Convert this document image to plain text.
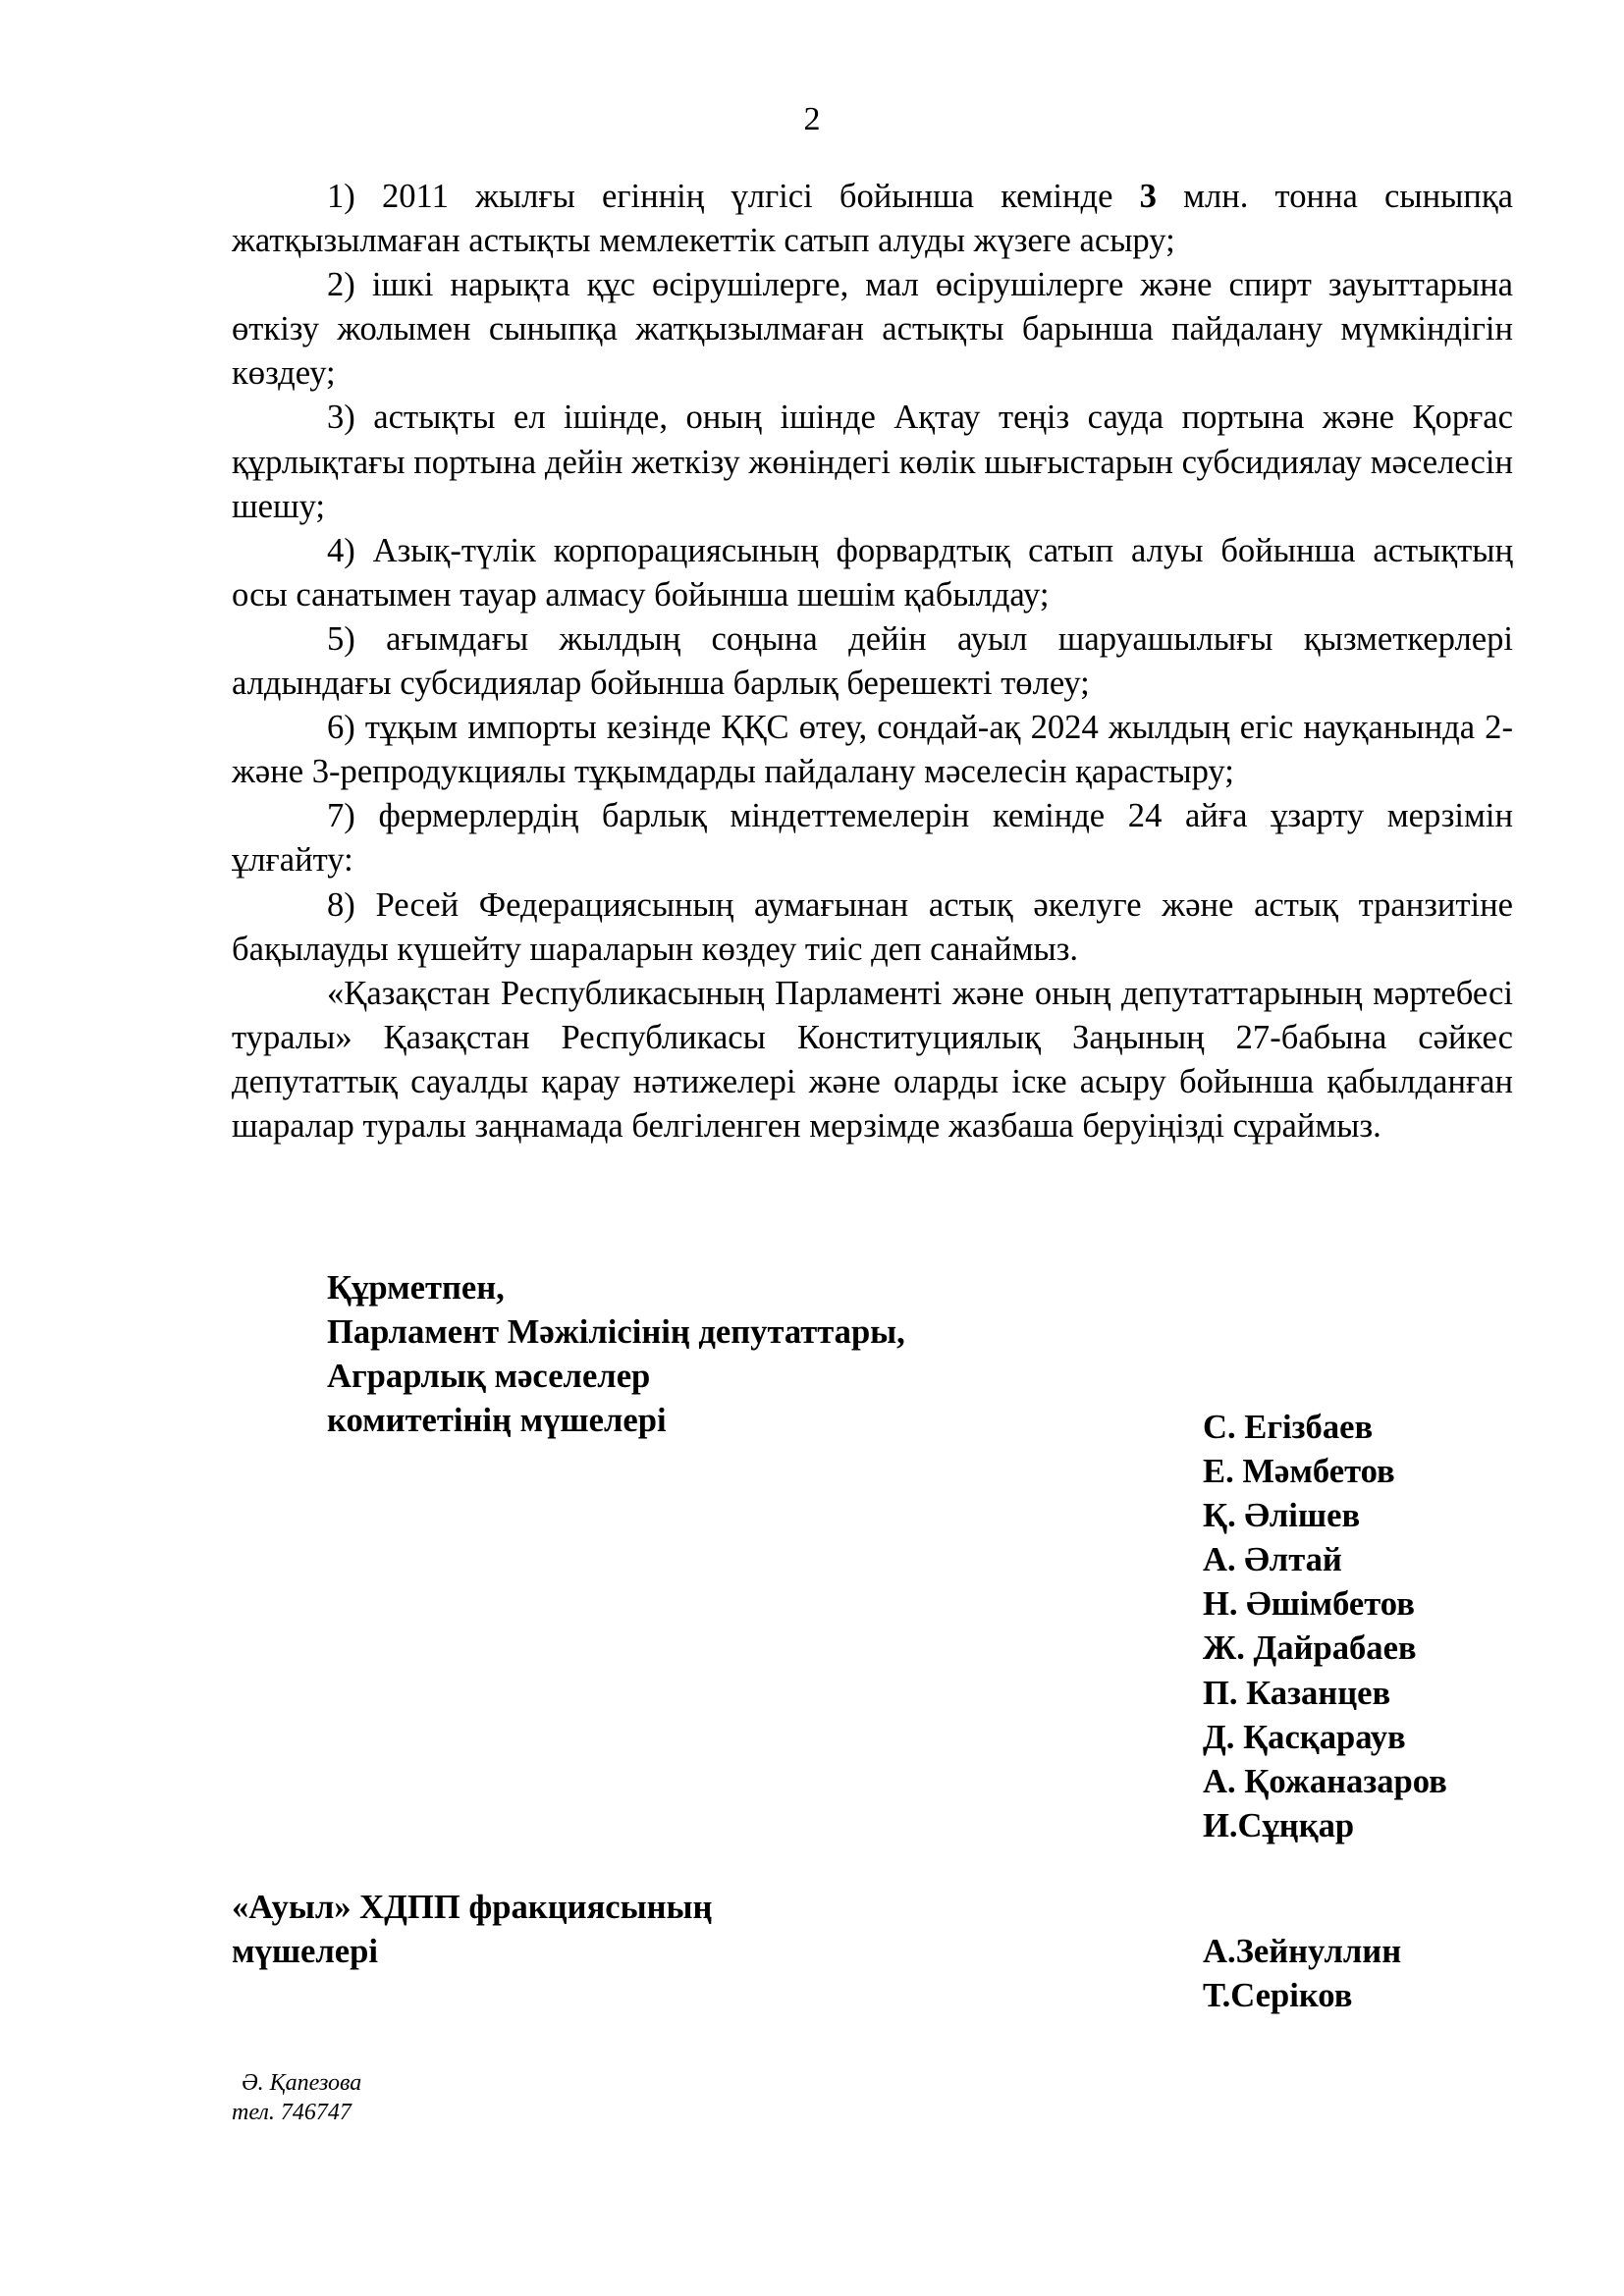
2

1) 2011 жылғы егіннің үлгісі бойынша кемінде 3 млн. тонна сыныпқа жатқызылмаған астықты мемлекеттік сатып алуды жүзеге асыру;

2) ішкі нарықта құс өсірушілерге, мал өсірушілерге және спирт зауыттарына өткізу жолымен сыныпқа жатқызылмаған астықты барынша пайдалану мүмкіндігін көздеу;

3) астықты ел ішінде, оның ішінде Ақтау теңіз сауда портына және Қорғас құрлықтағы портына дейін жеткізу жөніндегі көлік шығыстарын субсидиялау мәселесін шешу;

4) Азық-түлік корпорациясының форвардтық сатып алуы бойынша астықтың осы санатымен тауар алмасу бойынша шешім қабылдау;

5) ағымдағы жылдың соңына дейін ауыл шаруашылығы қызметкерлері алдындағы субсидиялар бойынша барлық берешекті төлеу;

6) тұқым импорты кезінде ҚҚС өтеу, сондай-ақ 2024 жылдың егіс науқанында 2- және 3-репродукциялы тұқымдарды пайдалану мәселесін қарастыру;

7) фермерлердің барлық міндеттемелерін кемінде 24 айға ұзарту мерзімін ұлғайту:

8) Ресей Федерациясының аумағынан астық әкелуге және астық транзитіне бақылауды күшейту шараларын көздеу тиіс деп санаймыз.

«Қазақстан Республикасының Парламенті және оның депутаттарының мәртебесі туралы» Қазақстан Республикасы Конституциялық Заңының 27-бабына сәйкес депутаттық сауалды қарау нәтижелері және оларды іске асыру бойынша қабылданған шаралар туралы заңнамада белгіленген мерзімде жазбаша беруіңізді сұраймыз.

Құрметпен,
Парламент Мәжілісінің депутаттары,
Аграрлық мәселелер
комитетінің мүшелері	С. Егізбаев
Е. Мәмбетов
Қ. Әлішев
А. Әлтай
Н. Әшімбетов
Ж. Дайрабаев
П. Казанцев
Д. Қасқараув
А. Қожаназаров
И.Сұңқар
«Ауыл» ХДПП фракциясының
мүшелері	А.Зейнуллин
Т.Серіков
Ә. Қапезова
тел. 746747
